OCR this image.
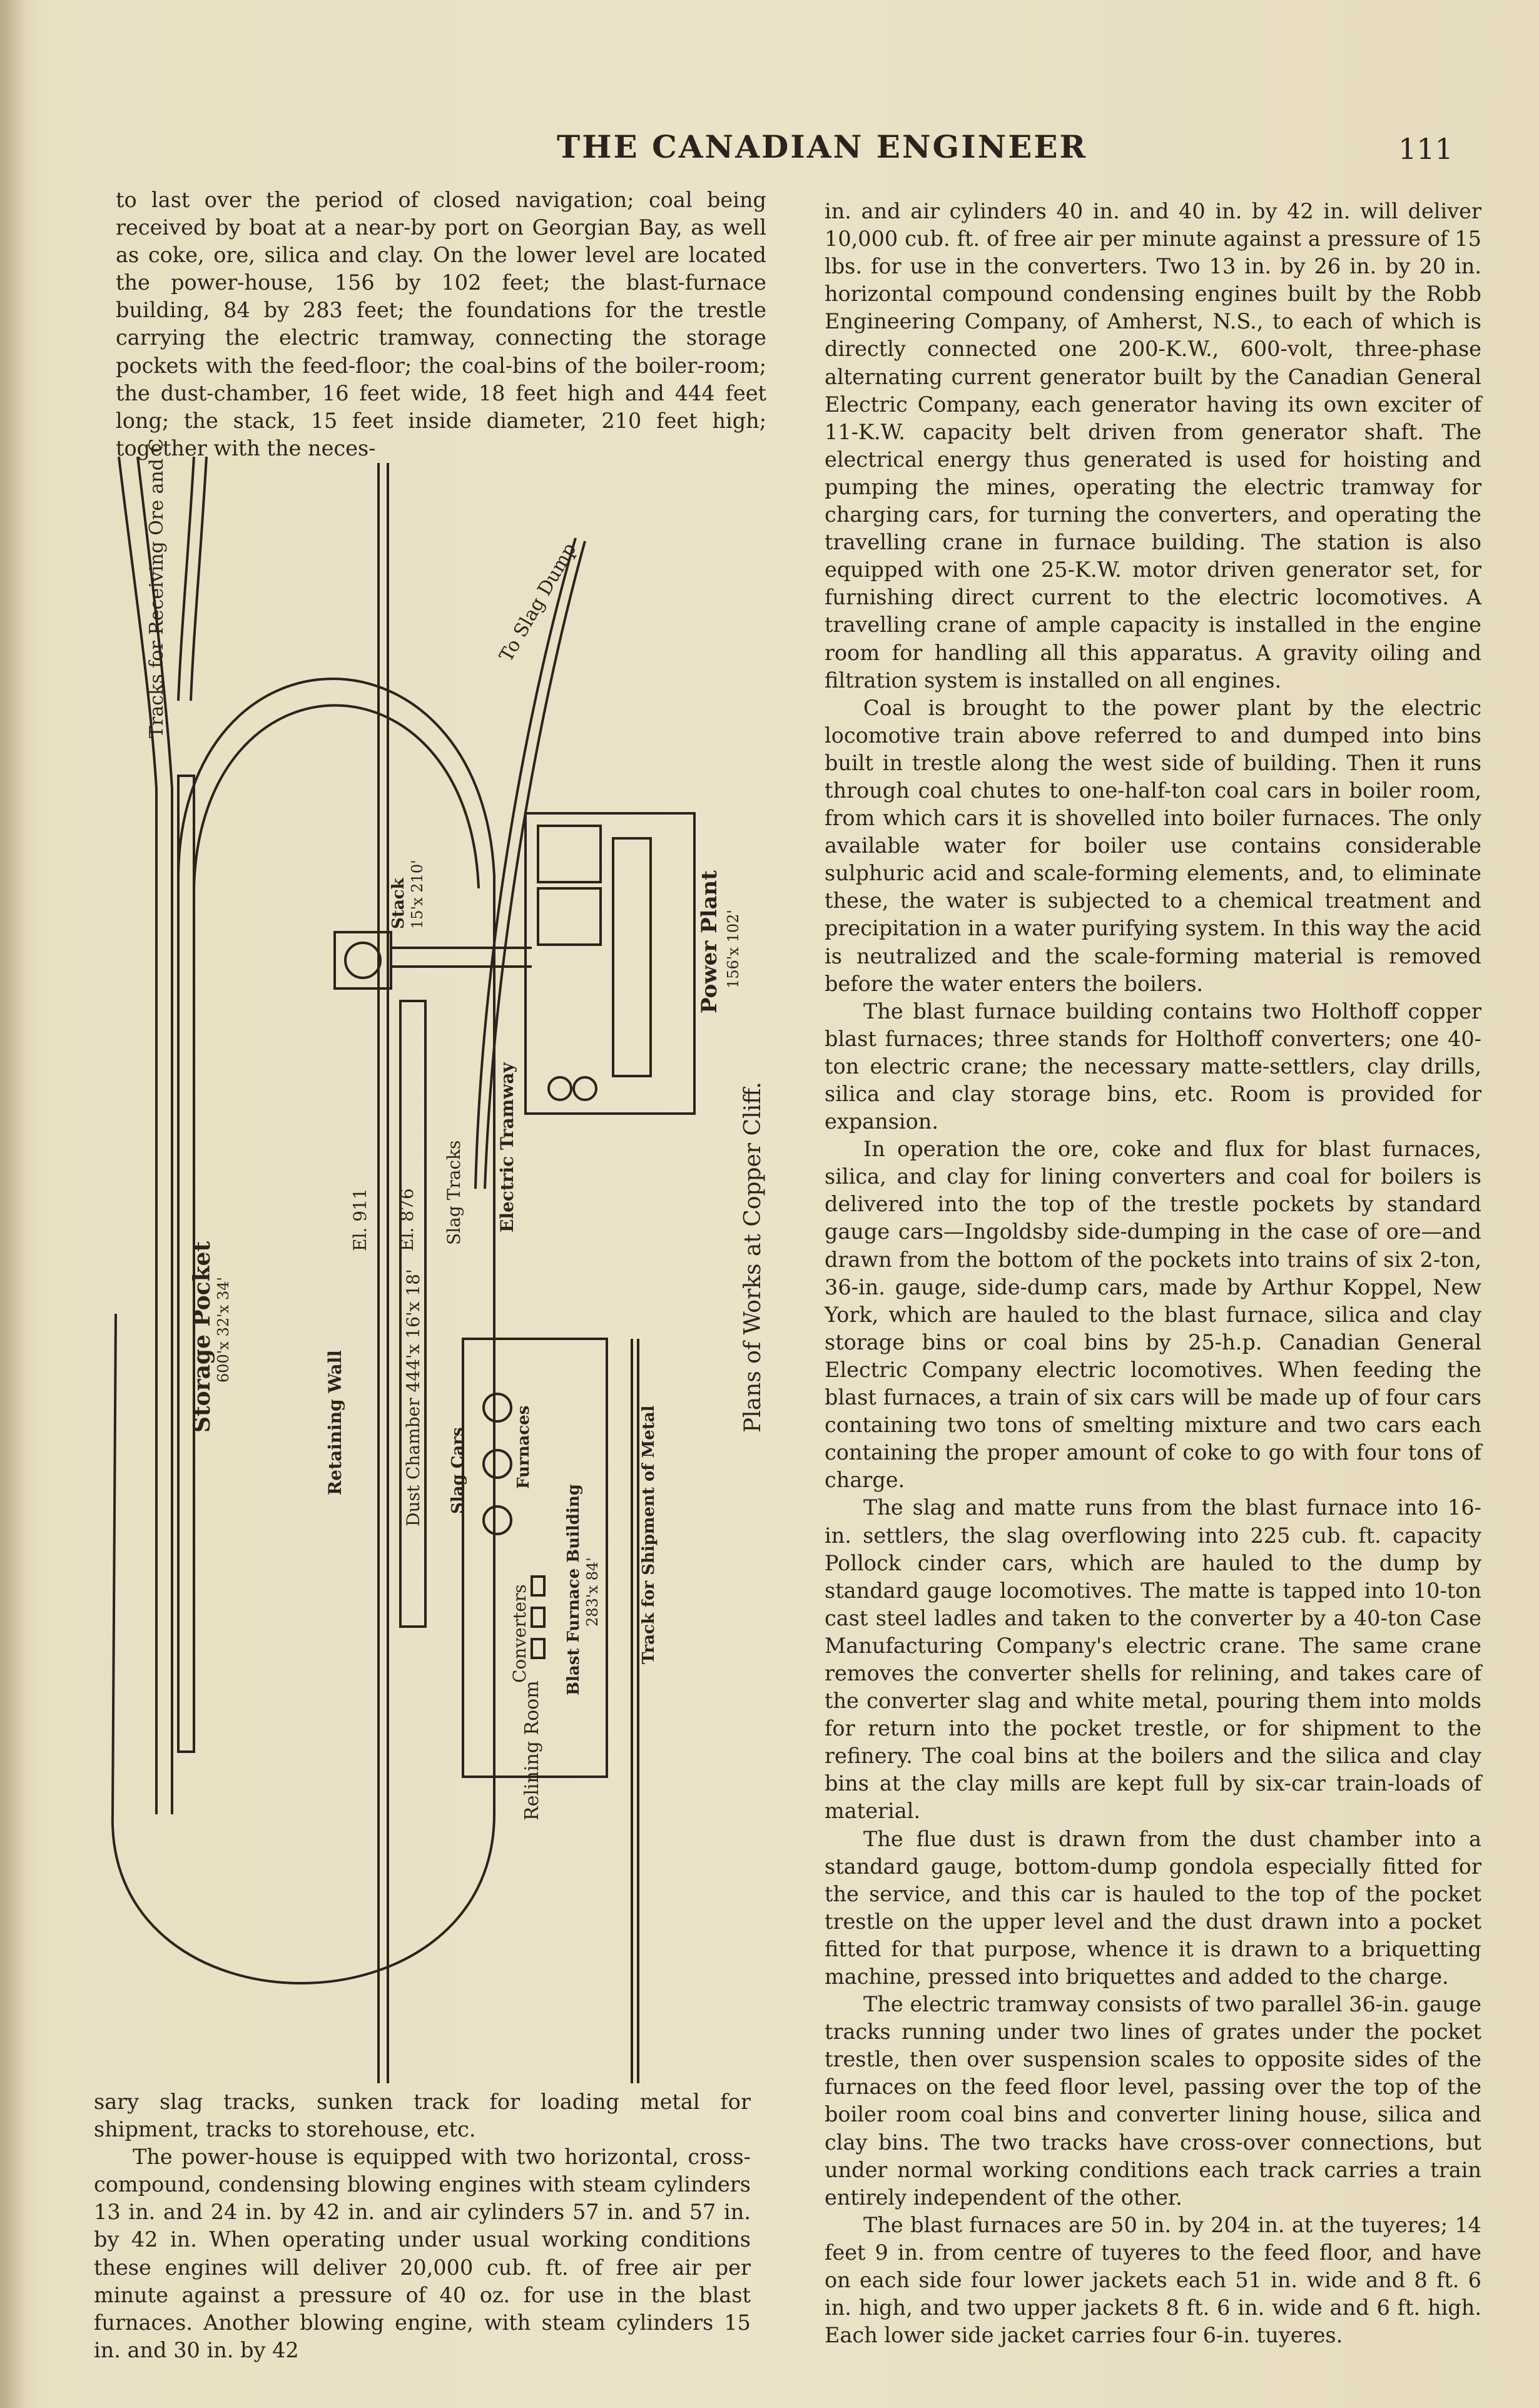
THE CANADIAN ENGINEER	111

to last over the period of closed navigation; coal being received by boat at a near-by port on Georgian Bay, as well as coke, ore, silica and clay. On the lower level are located the power-house, 156 by 102 feet; the blast-furnace building, 84 by 283 feet; the foundations for the trestle carrying the electric tramway, connecting the storage pockets with the feed-floor; the coal-bins of the boiler-room; the dust-chamber, 16 feet wide, 18 feet high and 444 feet long; the stack, 15 feet inside diameter, 210 feet high; together with the neces-

Tracks for Receiving Ore and Coal	To Slag Dump
Stack 15'x 210'	Power Plant 156'x 102'
Storage Pocket 600'x 32'x 34'
El. 911 El. 876
Dust Chamber 444'x 16'x 18'
Slag Tracks Electric Tramway
Retaining Wall	Slag Cars	Furnaces
Converters Blast Furnace Building 283'x 84' Track for Shipment of Metal
Relining Room
Plans of Works at Copper Cliff.

sary slag tracks, sunken track for loading metal for shipment, tracks to storehouse, etc.

The power-house is equipped with two horizontal, cross-compound, condensing blowing engines with steam cylinders 13 in. and 24 in. by 42 in. and air cylinders 57 in. and 57 in. by 42 in. When operating under usual working conditions these engines will deliver 20,000 cub. ft. of free air per minute against a pressure of 40 oz. for use in the blast furnaces. Another blowing engine, with steam cylinders 15 in. and 30 in. by 42

in. and air cylinders 40 in. and 40 in. by 42 in. will deliver 10,000 cub. ft. of free air per minute against a pressure of 15 lbs. for use in the converters. Two 13 in. by 26 in. by 20 in. horizontal compound condensing engines built by the Robb Engineering Company, of Amherst, N.S., to each of which is directly connected one 200-K.W., 600-volt, three-phase alternating current generator built by the Canadian General Electric Company, each generator having its own exciter of 11-K.W. capacity belt driven from generator shaft. The electrical energy thus generated is used for hoisting and pumping the mines, operating the electric tramway for charging cars, for turning the converters, and operating the travelling crane in furnace building. The station is also equipped with one 25-K.W. motor driven generator set, for furnishing direct current to the electric locomotives. A travelling crane of ample capacity is installed in the engine room for handling all this apparatus. A gravity oiling and filtration system is installed on all engines.

Coal is brought to the power plant by the electric locomotive train above referred to and dumped into bins built in trestle along the west side of building. Then it runs through coal chutes to one-half-ton coal cars in boiler room, from which cars it is shovelled into boiler furnaces. The only available water for boiler use contains considerable sulphuric acid and scale-forming elements, and, to eliminate these, the water is subjected to a chemical treatment and precipitation in a water purifying system. In this way the acid is neutralized and the scale-forming material is removed before the water enters the boilers.

The blast furnace building contains two Holthoff copper blast furnaces; three stands for Holthoff converters; one 40-ton electric crane; the necessary matte-settlers, clay drills, silica and clay storage bins, etc. Room is provided for expansion.

In operation the ore, coke and flux for blast furnaces, silica, and clay for lining converters and coal for boilers is delivered into the top of the trestle pockets by standard gauge cars—Ingoldsby side-dumping in the case of ore—and drawn from the bottom of the pockets into trains of six 2-ton, 36-in. gauge, side-dump cars, made by Arthur Koppel, New York, which are hauled to the blast furnace, silica and clay storage bins or coal bins by 25-h.p. Canadian General Electric Company electric locomotives. When feeding the blast furnaces, a train of six cars will be made up of four cars containing two tons of smelting mixture and two cars each containing the proper amount of coke to go with four tons of charge.

The slag and matte runs from the blast furnace into 16-in. settlers, the slag overflowing into 225 cub. ft. capacity Pollock cinder cars, which are hauled to the dump by standard gauge locomotives. The matte is tapped into 10-ton cast steel ladles and taken to the converter by a 40-ton Case Manufacturing Company's electric crane. The same crane removes the converter shells for relining, and takes care of the converter slag and white metal, pouring them into molds for return into the pocket trestle, or for shipment to the refinery. The coal bins at the boilers and the silica and clay bins at the clay mills are kept full by six-car train-loads of material.

The flue dust is drawn from the dust chamber into a standard gauge, bottom-dump gondola especially fitted for the service, and this car is hauled to the top of the pocket trestle on the upper level and the dust drawn into a pocket fitted for that purpose, whence it is drawn to a briquetting machine, pressed into briquettes and added to the charge.

The electric tramway consists of two parallel 36-in. gauge tracks running under two lines of grates under the pocket trestle, then over suspension scales to opposite sides of the furnaces on the feed floor level, passing over the top of the boiler room coal bins and converter lining house, silica and clay bins. The two tracks have cross-over connections, but under normal working conditions each track carries a train entirely independent of the other.

The blast furnaces are 50 in. by 204 in. at the tuyeres; 14 feet 9 in. from centre of tuyeres to the feed floor, and have on each side four lower jackets each 51 in. wide and 8 ft. 6 in. high, and two upper jackets 8 ft. 6 in. wide and 6 ft. high. Each lower side jacket carries four 6-in. tuyeres.
